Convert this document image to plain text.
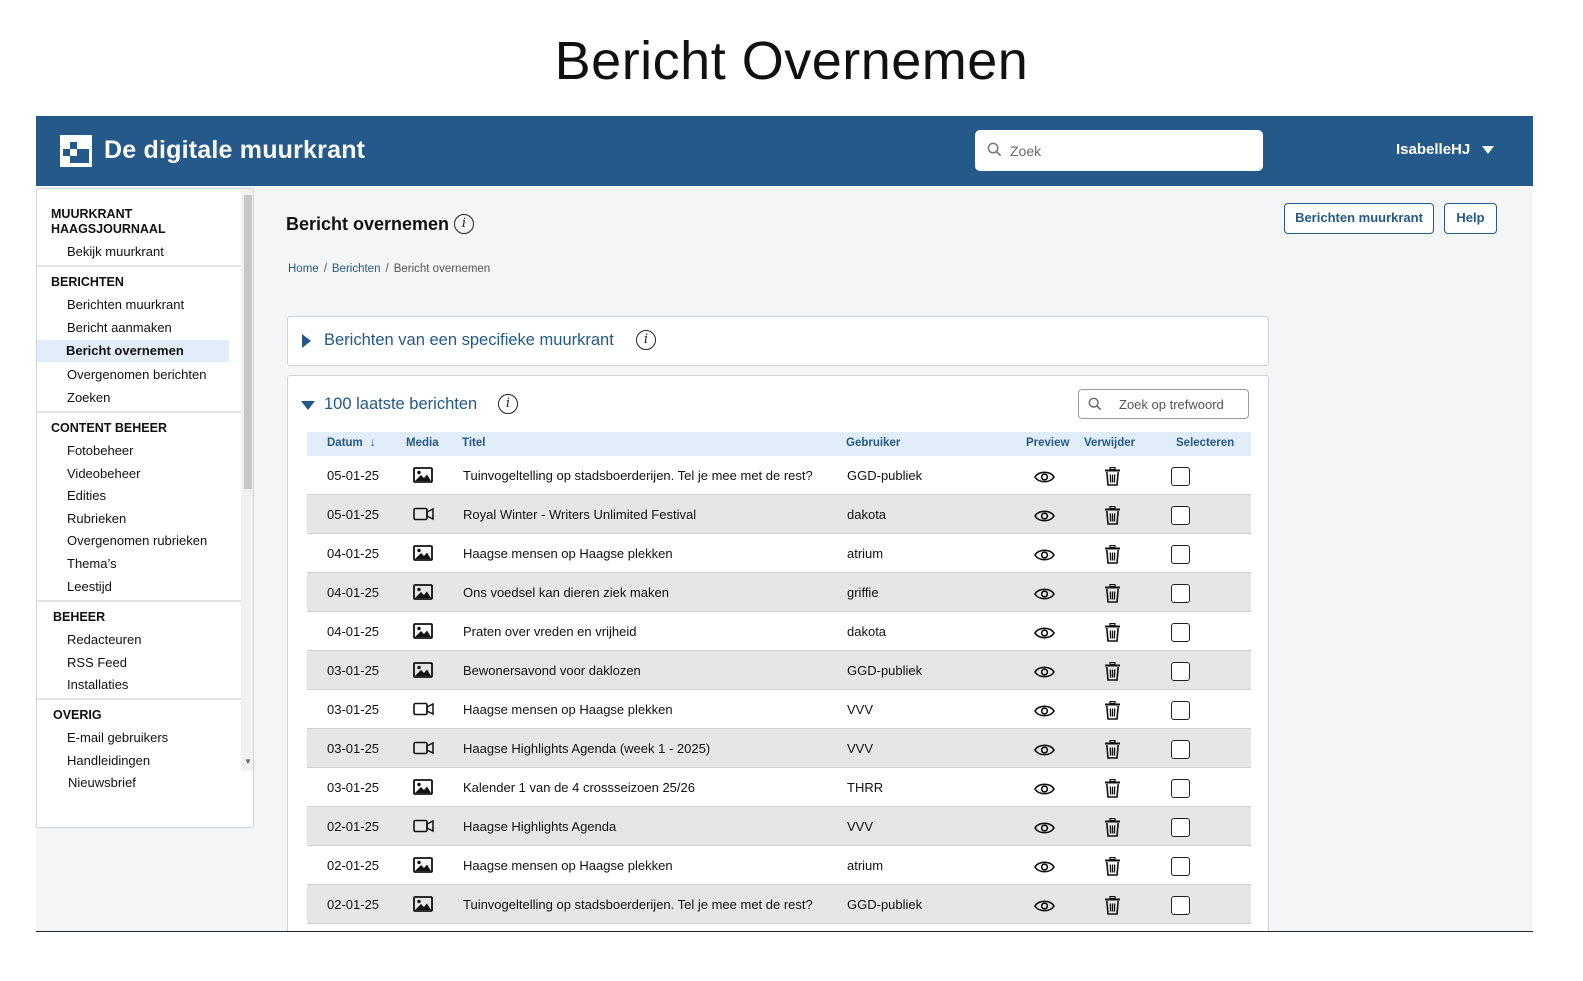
Bericht Overnemen
De digitale muurkrant	Zoek	IsabelleHJ
MUURKRANT
HAAGSJOURNAAL
Bekijk muurkrant
BERICHTEN
Berichten muurkrant
Bericht aanmaken
Bericht overnemen
Overgenomen berichten
Zoeken
CONTENT BEHEER
Fotobeheer
Videobeheer
Edities
Rubrieken
Overgenomen rubrieken
Thema’s
Leestijd
BEHEER
Redacteuren
RSS Feed
Installaties
OVERIG
E-mail gebruikers
Handleidingen
Nieuwsbrief
▼
Bericht overnemen i	Berichten muurkrant	Help
Home / Berichten / Bericht overnemen
Berichten van een specifieke muurkrant	i
100 laatste berichten	i	Zoek op trefwoord
Datum ↓	Media Titel	Gebruiker	Preview Verwijder	Selecteren
05-01-25	Tuinvogeltelling op stadsboerderijen. Tel je mee met de rest?	GGD-publiek
05-01-25	Royal Winter - Writers Unlimited Festival	dakota
04-01-25	Haagse mensen op Haagse plekken	atrium
04-01-25	Ons voedsel kan dieren ziek maken	griffie
04-01-25	Praten over vreden en vrijheid	dakota
03-01-25	Bewonersavond voor daklozen	GGD-publiek
03-01-25	Haagse mensen op Haagse plekken	VVV
03-01-25	Haagse Highlights Agenda (week 1 - 2025)	VVV
03-01-25	Kalender 1 van de 4 crossseizoen 25/26	THRR
02-01-25	Haagse Highlights Agenda	VVV
02-01-25	Haagse mensen op Haagse plekken	atrium
02-01-25	Tuinvogeltelling op stadsboerderijen. Tel je mee met de rest?	GGD-publiek
